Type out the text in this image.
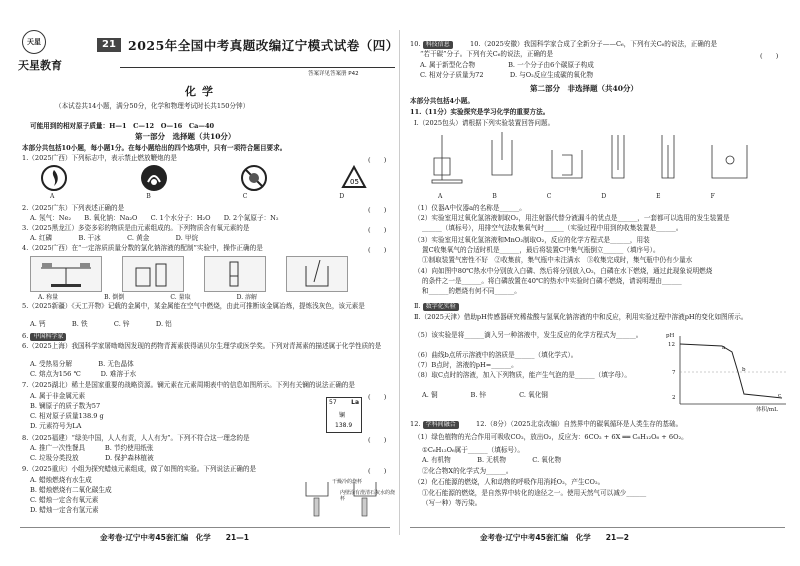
天星	21
天星教育
2025年全国中考真题改编辽宁模式试卷（四）
答案详见答案册 P42
化学
（本试卷共14小题，满分50分，化学和物理考试时长共150分钟）
可能用到的相对原子质量：H—1　C—12　O—16　Ca—40
第一部分　选择题（共10分）
本部分共包括10小题，每小题1分。在每小题给出的四个选项中，只有一项符合题目要求。
1.（2025广西）下列标志中，表示禁止燃放鞭炮的是	(　　)
05
A	B	C	D
2.（2025广东）下列表述正确的是	(　　)
A. 氖气：Ne₂　　B. 氧化钠：Na₂O　　C. 1个水分子：H₂O　　D. 2个氮原子：N₂
3.（2025黑龙江）多姿多彩的物质是由元素组成的。下列物质含有氧元素的是	(　　)
A. 红磷　　　　B. 干冰　　　　C. 黄金　　　　D. 甲烷
4.（2025广西）在“一定溶质质量分数的氯化钠溶液的配制”实验中，操作正确的是	(　　)
A. 称量	B. 倒倒	C. 量取	D. 溶解
5.（2025新疆）《天工开物》记载的金属中，某金属能在空气中燃烧，由此可推断该金属冶炼，提炼浅灰色，该元素是
A. 钙　　　　B. 铁　　　　C. 锌　　　　D. 铝
6. 中国科学家
6.（2025上海）我国科学家屠呦呦因发现的药物青蒿素获得诺贝尔生理学或医学奖。下列对青蒿素的描述属于化学性质的是
A. 受热易分解　　　　B. 无色晶体
C. 熔点为156 ℃　　　D. 难溶于水
7.（2025湖北）稀土是国家重要的战略资源。镧元素在元素周期表中的信息如图所示。下列有关镧的说法正确的是
(　　)
A. 属于非金属元素
B. 镧原子的质子数为57
C. 相对原子质量138.9 g
D. 元素符号为LA
57 La
镧
138.9
8.（2025福建）“绿美中国，人人有责，人人有为”。下列不符合这一理念的是	(　　)
A. 推广一次性餐具　　　B. 节约使用纸张
C. 垃圾分类投放　　　　D. 保护森林植被
9.（2025重庆）小组为探究蜡烛元素组成，做了如图的实验。下列说法正确的是	(　　)
A. 蜡烛燃烧有水生成
B. 蜡烛燃烧有二氧化碳生成
C. 蜡烛一定含有氧元素
D. 蜡烛一定含有氢元素
干燥冷的烧杯
内壁涂有澄清石灰水的烧杯
金考卷·辽宁中考45套汇编　化学　　21—1
10. 科技信息	10.（2025安徽）我国科学家合成了全新分子——C₆，下列有关C₆的说法，正确的是
“若干碳”分子。下列有关C₆的说法，正确的是	(　　)
A. 属于新型化合物　　　　　B. 一个分子由6个碳原子构成
C. 相对分子质量为72　　　　D. 与O₂反应生成碳的氧化物
第二部分　非选择题（共40分）
本部分共包括4小题。
11.（11分）实验探究是学习化学的重要方法。
Ⅰ.（2025包头）请根据下列实验装置回答问题。
A	B	C	D	E	F
（1）仪器A中仪器a的名称是______。
（2）实验室用过氧化氢溶液制取O₂，用注射器代替分液漏斗的优点是______，一套都可以选用的发生装置是
______（填标号），用排空气法收集氧气时______（实验过程中用到的收集装置是______。
（3）实验室用过氧化氢溶液和MnO₂制取O₂，反应的化学方程式是______，用装
置C收集氧气的合适时机是______，最后将装置C中集气瓶倒立______（填序号）。
①制取装置气密性不好　②收集前，集气瓶中未注满水　③收集完成时，集气瓶中仍有少量水
（4）向如图中80℃热水中分别放入白磷、然后将分别放入O₂，白磷在水下燃烧，通过此现象说明燃烧
的条件之一是______。将白磷放置在40℃的热水中实验时白磷不燃烧，请说明理由______
和______的燃烧有何不同______。
Ⅱ. 数字化实验
Ⅱ.（2025天津）借助pH传感器研究稀盐酸与氢氧化钠溶液的中和反应，利用实验过程中溶液pH的变化如图所示。
（5）该实验是将______滴入另一种溶液中，发生反应的化学方程式为______。
（6）曲线b点所示溶液中的溶质是______（填化学式）。
（7）B点时，溶液的pH=______。
（8）取C点时的溶液，加入下列物质，能产生气泡的是______（填字母）。
A. 铜　　　　　B. 锌　　　　　C. 氧化铜
pH
12
7
2
a
b
c
体积/mL
12. 学科间融合	12.（8分）（2025北京改编）自然界中的碳氧循环是人类生存的基础。
（1）绿色植物的光合作用可吸收CO₂，放出O₂，反应为：6CO₂ + 6X ══ C₆H₁₂O₆ + 6O₂。
①C₆H₁₂O₆属于______（填标号）。
A. 有机物　　　　B. 无机物　　　　C. 氧化物
②化合物X的化学式为______。
（2）化石能源的燃烧，人和动物的呼吸作用消耗O₂，产生CO₂。
①化石能源的燃烧，是自然界中转化的途径之一。使用天然气可以减少______
（写一种）等污染。
金考卷·辽宁中考45套汇编　化学　　21—2
